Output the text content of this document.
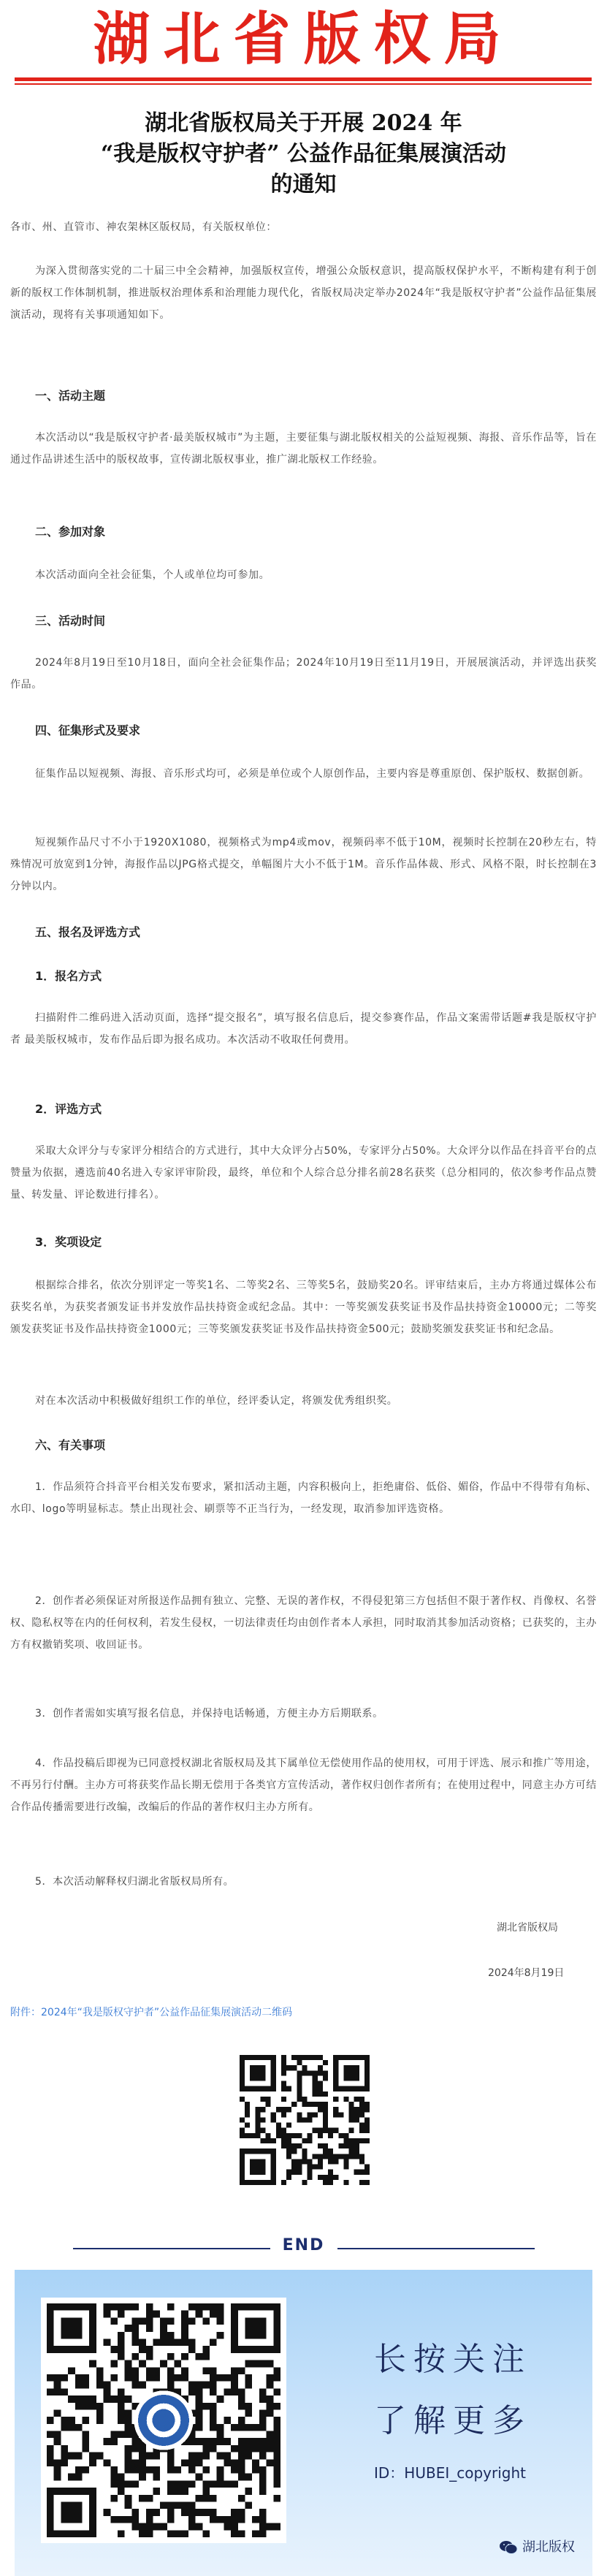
湖北省版权局
湖北省版权局关于开展 2024 年
“我是版权守护者” 公益作品征集展演活动
的通知
各市、州、直管市、神农架林区版权局，有关版权单位：
为深入贯彻落实党的二十届三中全会精神，加强版权宣传，增强公众版权意识，提高版权保护水平，不断构建有利于创新的版权工作体制机制，推进版权治理体系和治理能力现代化，省版权局决定举办2024年“我是版权守护者”公益作品征集展演活动，现将有关事项通知如下。
一、活动主题
本次活动以“我是版权守护者·最美版权城市”为主题，主要征集与湖北版权相关的公益短视频、海报、音乐作品等，旨在通过作品讲述生活中的版权故事，宣传湖北版权事业，推广湖北版权工作经验。
二、参加对象
本次活动面向全社会征集，个人或单位均可参加。
三、活动时间
2024年8月19日至10月18日，面向全社会征集作品；2024年10月19日至11月19日，开展展演活动，并评选出获奖作品。
四、征集形式及要求
征集作品以短视频、海报、音乐形式均可，必须是单位或个人原创作品，主要内容是尊重原创、保护版权、数据创新。
短视频作品尺寸不小于1920X1080，视频格式为mp4或mov，视频码率不低于10M，视频时长控制在20秒左右，特殊情况可放宽到1分钟，海报作品以JPG格式提交，单幅图片大小不低于1M。音乐作品体裁、形式、风格不限，时长控制在3分钟以内。
五、报名及评选方式
1．报名方式
扫描附件二维码进入活动页面，选择“提交报名”，填写报名信息后，提交参赛作品，作品文案需带话题#我是版权守护者 最美版权城市，发布作品后即为报名成功。本次活动不收取任何费用。
2．评选方式
采取大众评分与专家评分相结合的方式进行，其中大众评分占50%，专家评分占50%。大众评分以作品在抖音平台的点赞量为依据，遴选前40名进入专家评审阶段，最终，单位和个人综合总分排名前28名获奖（总分相同的，依次参考作品点赞量、转发量、评论数进行排名）。
3．奖项设定
根据综合排名，依次分别评定一等奖1名、二等奖2名、三等奖5名，鼓励奖20名。评审结束后，主办方将通过媒体公布获奖名单，为获奖者颁发证书并发放作品扶持资金或纪念品。其中：一等奖颁发获奖证书及作品扶持资金10000元；二等奖颁发获奖证书及作品扶持资金1000元；三等奖颁发获奖证书及作品扶持资金500元；鼓励奖颁发获奖证书和纪念品。
对在本次活动中积极做好组织工作的单位，经评委认定，将颁发优秀组织奖。
六、有关事项
1．作品须符合抖音平台相关发布要求，紧扣活动主题，内容积极向上，拒绝庸俗、低俗、媚俗，作品中不得带有角标、水印、logo等明显标志。禁止出现社会、刷票等不正当行为，一经发现，取消参加评选资格。
2．创作者必须保证对所报送作品拥有独立、完整、无误的著作权，不得侵犯第三方包括但不限于著作权、肖像权、名誉权、隐私权等在内的任何权利，若发生侵权，一切法律责任均由创作者本人承担，同时取消其参加活动资格；已获奖的，主办方有权撤销奖项、收回证书。
3．创作者需如实填写报名信息，并保持电话畅通，方便主办方后期联系。
4．作品投稿后即视为已同意授权湖北省版权局及其下属单位无偿使用作品的使用权，可用于评选、展示和推广等用途，不再另行付酬。主办方可将获奖作品长期无偿用于各类官方宣传活动，著作权归创作者所有；在使用过程中，同意主办方可结合作品传播需要进行改编，改编后的作品的著作权归主办方所有。
5．本次活动解释权归湖北省版权局所有。
湖北省版权局
2024年8月19日
附件：2024年“我是版权守护者”公益作品征集展演活动二维码
END
长按关注
了解更多
ID：HUBEI_copyright
湖北版权
